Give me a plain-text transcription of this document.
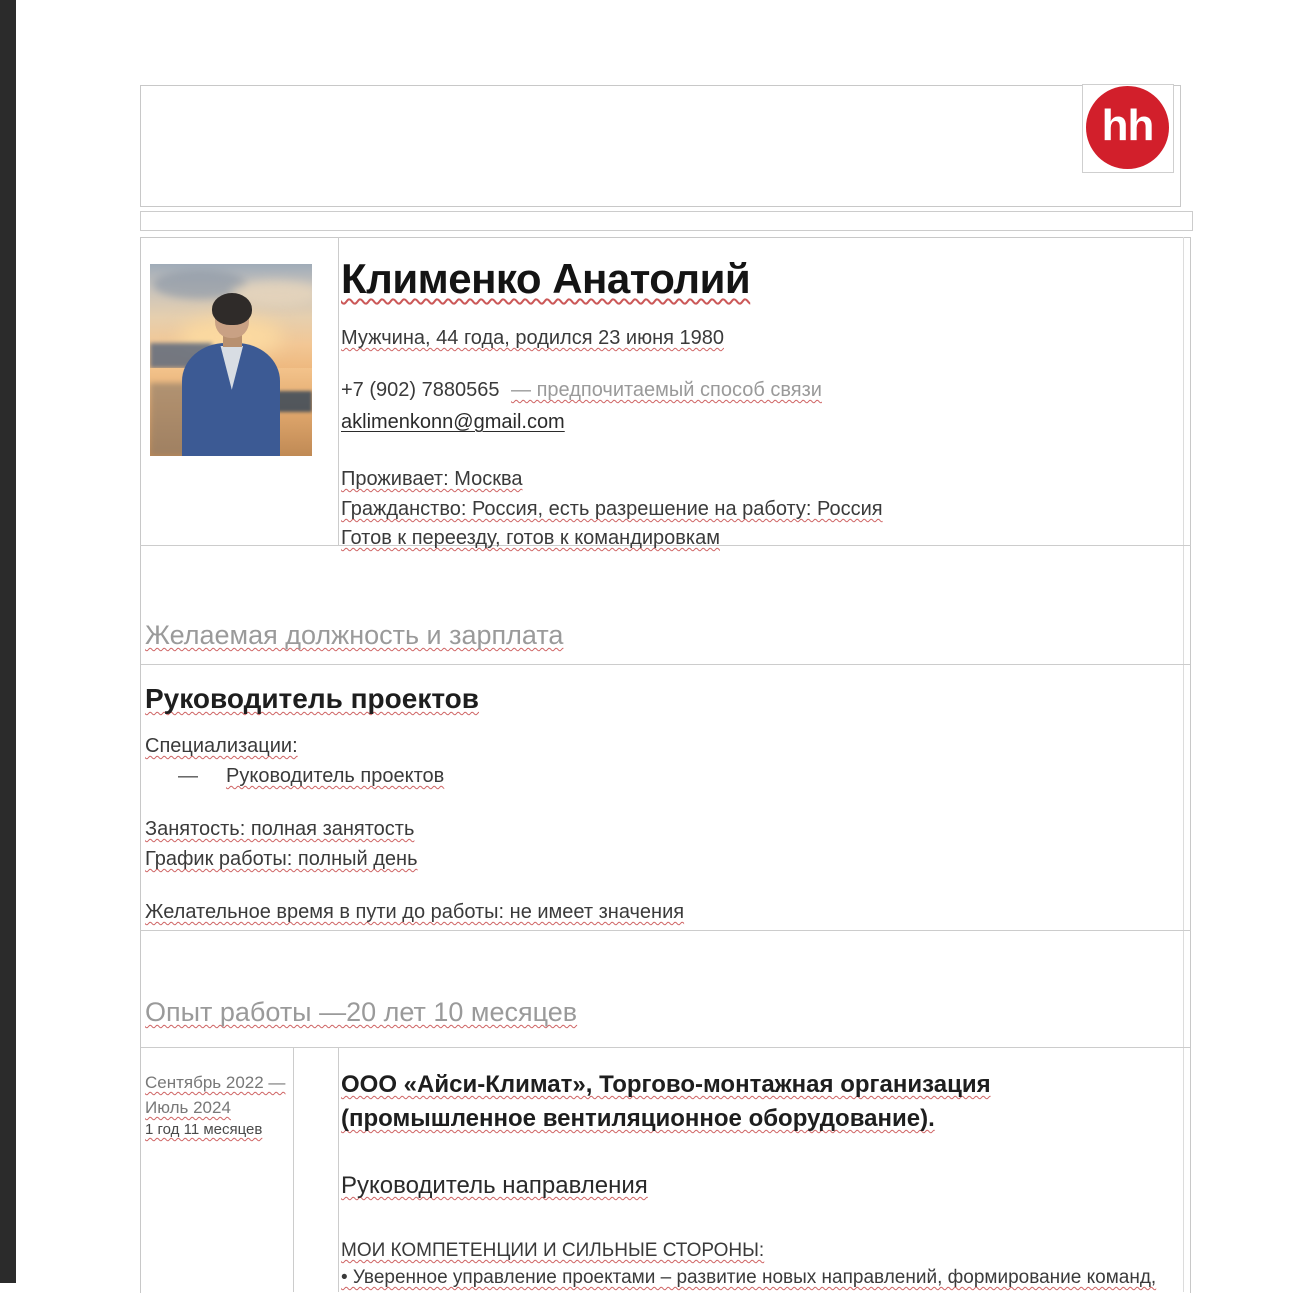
hh
Клименко Анатолий
Мужчина, 44 года, родился 23 июня 1980
+7 (902) 7880565 — предпочитаемый способ связи
aklimenkonn@gmail.com
Проживает: Москва
Гражданство: Россия, есть разрешение на работу: Россия
Готов к переезду, готов к командировкам
Желаемая должность и зарплата
Руководитель проектов
Специализации:
— Руководитель проектов
Занятость: полная занятость
График работы: полный день
Желательное время в пути до работы: не имеет значения
Опыт работы —20 лет 10 месяцев
Сентябрь 2022 —
Июль 2024
1 год 11 месяцев
ООО «Айси-Климат», Торгово-монтажная организация (промышленное вентиляционное оборудование).
Руководитель направления
МОИ КОМПЕТЕНЦИИ И СИЛЬНЫЕ СТОРОНЫ:
• Уверенное управление проектами – развитие новых направлений, формирование команд,
